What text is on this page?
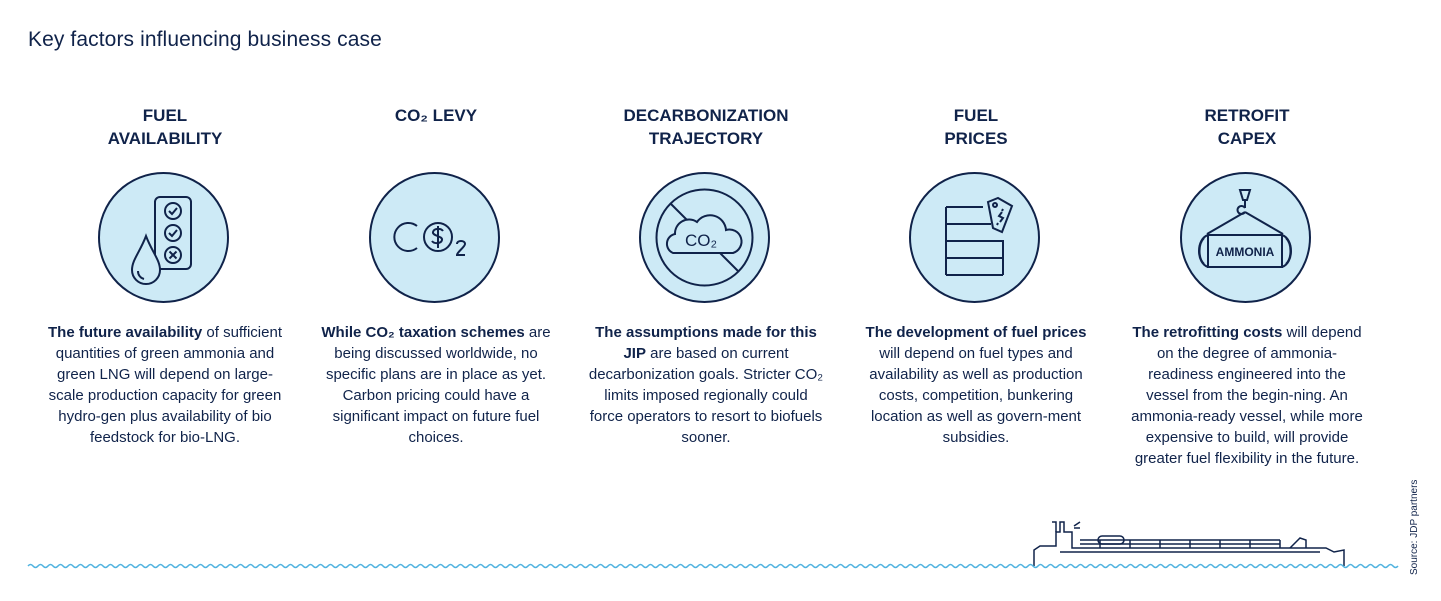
Key factors influencing business case
FUEL
AVAILABILITY
The future availability of sufficient quantities of green ammonia and green LNG will depend on large-scale production capacity for green hydro-gen plus availability of bio feedstock for bio-LNG.
CO₂ LEVY
While CO₂ taxation schemes are being discussed worldwide, no specific plans are in place as yet. Carbon pricing could have a significant impact on future fuel choices.
DECARBONIZATION
TRAJECTORY
CO₂
The assumptions made for this JIP are based on current decarbonization goals. Stricter CO₂ limits imposed regionally could force operators to resort to biofuels sooner.
FUEL
PRICES
The development of fuel prices will depend on fuel types and availability as well as production costs, competition, bunkering location as well as govern-ment subsidies.
RETROFIT
CAPEX
AMMONIA
The retrofitting costs will depend on the degree of ammonia-readiness engineered into the vessel from the begin-ning. An ammonia-ready vessel, while more expensive to build, will provide greater fuel flexibility in the future.
Source: JDP partners
